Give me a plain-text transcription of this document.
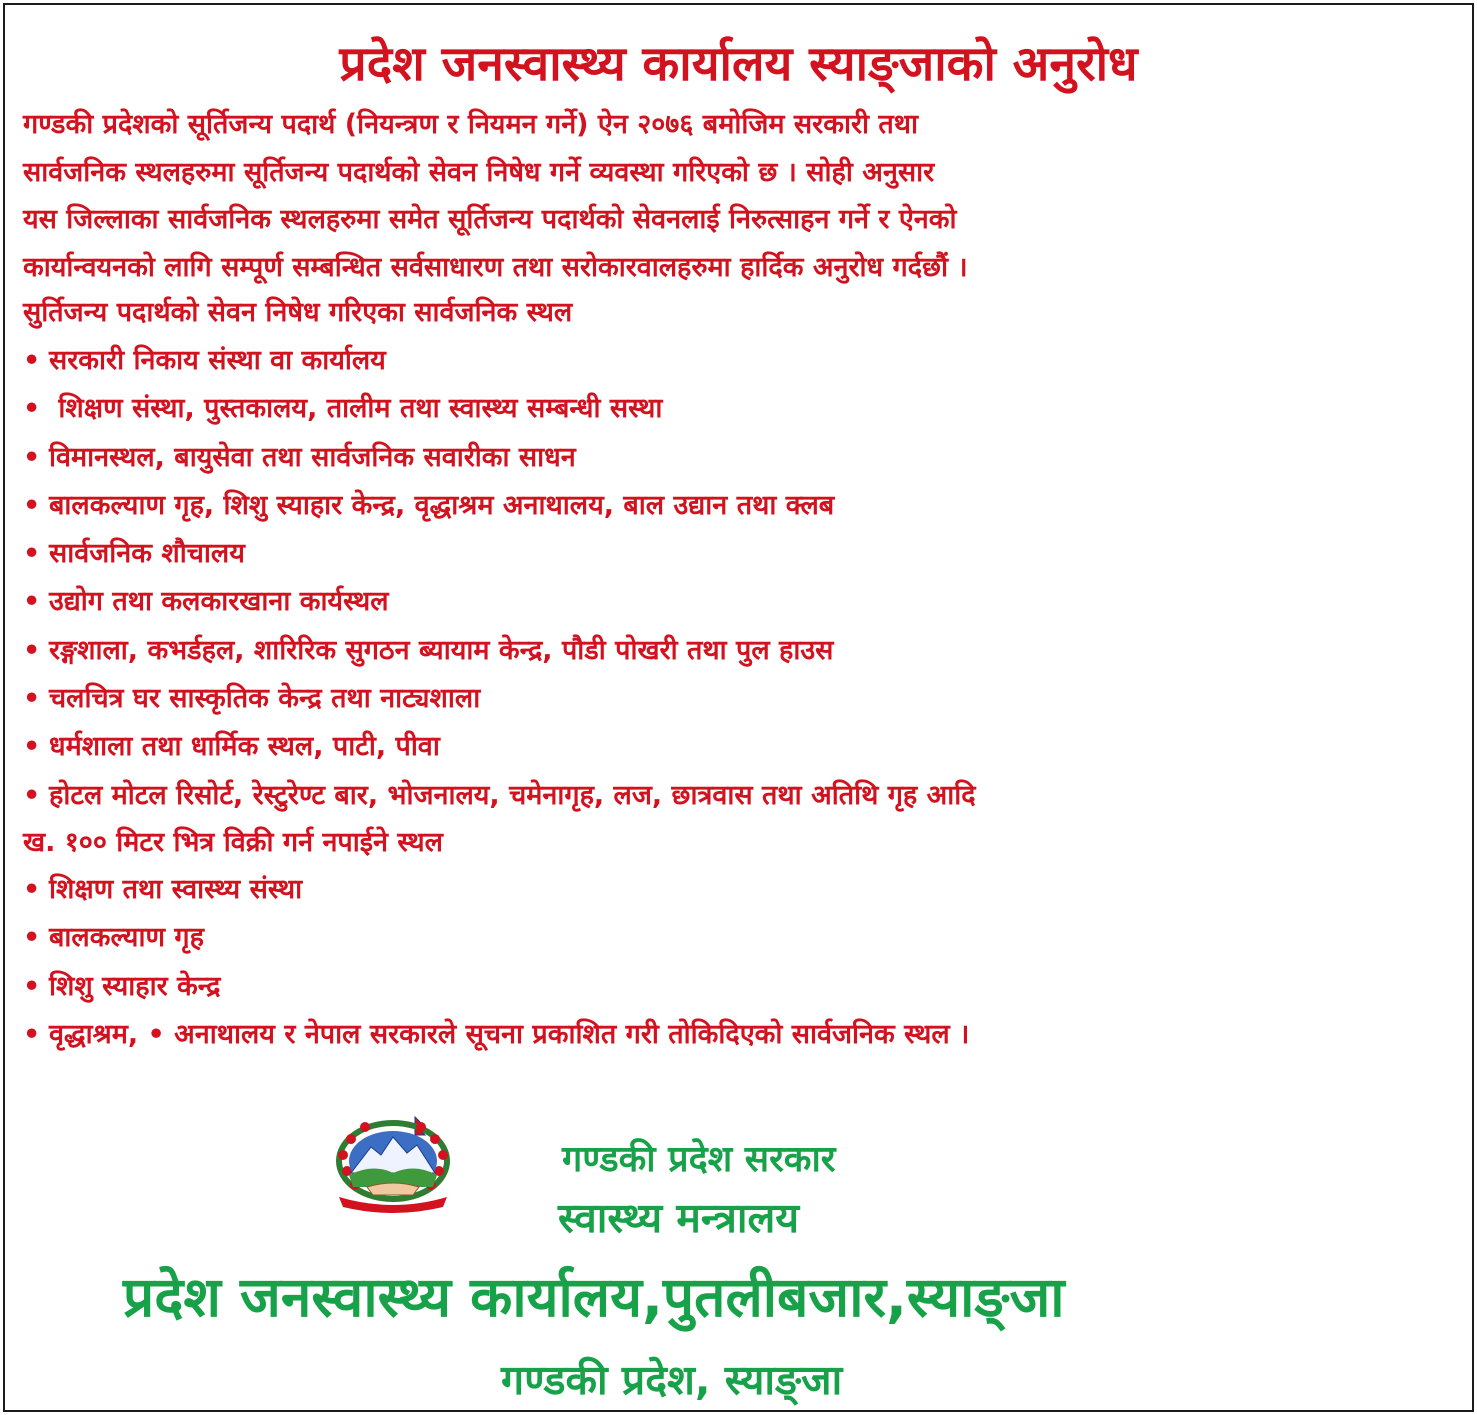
प्रदेश जनस्वास्थ्य कार्यालय स्याङ्जाको अनुरोध

गण्डकी प्रदेशको सूर्तिजन्य पदार्थ (नियन्त्रण र नियमन गर्ने) ऐन २०७६ बमोजिम सरकारी तथा

सार्वजनिक स्थलहरुमा सूर्तिजन्य पदार्थको सेवन निषेध गर्ने व्यवस्था गरिएको छ । सोही अनुसार

यस जिल्लाका सार्वजनिक स्थलहरुमा समेत सूर्तिजन्य पदार्थको सेवनलाई निरुत्साहन गर्ने र ऐनको

कार्यान्वयनको लागि सम्पूर्ण सम्बन्धित सर्वसाधारण तथा सरोकारवालहरुमा हार्दिक अनुरोध गर्दछौं ।

सुर्तिजन्य पदार्थको सेवन निषेध गरिएका सार्वजनिक स्थल
• सरकारी निकाय संस्था वा कार्यालय
• शिक्षण संस्था, पुस्तकालय, तालीम तथा स्वास्थ्य सम्बन्धी सस्था
• विमानस्थल, बायुसेवा तथा सार्वजनिक सवारीका साधन
• बालकल्याण गृह, शिशु स्याहार केन्द्र, वृद्धाश्रम अनाथालय, बाल उद्यान तथा क्लब
• सार्वजनिक शौचालय
• उद्योग तथा कलकारखाना कार्यस्थल
• रङ्गशाला, कभर्डहल, शारिरिक सुगठन ब्यायाम केन्द्र, पौडी पोखरी तथा पुल हाउस
• चलचित्र घर सास्कृतिक केन्द्र तथा नाट्यशाला
• धर्मशाला तथा धार्मिक स्थल, पाटी, पीवा
• होटल मोटल रिसोर्ट, रेस्टुरेण्ट बार, भोजनालय, चमेनागृह, लज, छात्रवास तथा अतिथि गृह आदि
ख. १०० मिटर भित्र विक्री गर्न नपाईने स्थल
• शिक्षण तथा स्वास्थ्य संस्था
• बालकल्याण गृह
• शिशु स्याहार केन्द्र
• वृद्धाश्रम, • अनाथालय र नेपाल सरकारले सूचना प्रकाशित गरी तोकिदिएको सार्वजनिक स्थल ।
गण्डकी प्रदेश सरकार
स्वास्थ्य मन्त्रालय
प्रदेश जनस्वास्थ्य कार्यालय,पुतलीबजार,स्याङ्जा
गण्डकी प्रदेश, स्याङ्जा
